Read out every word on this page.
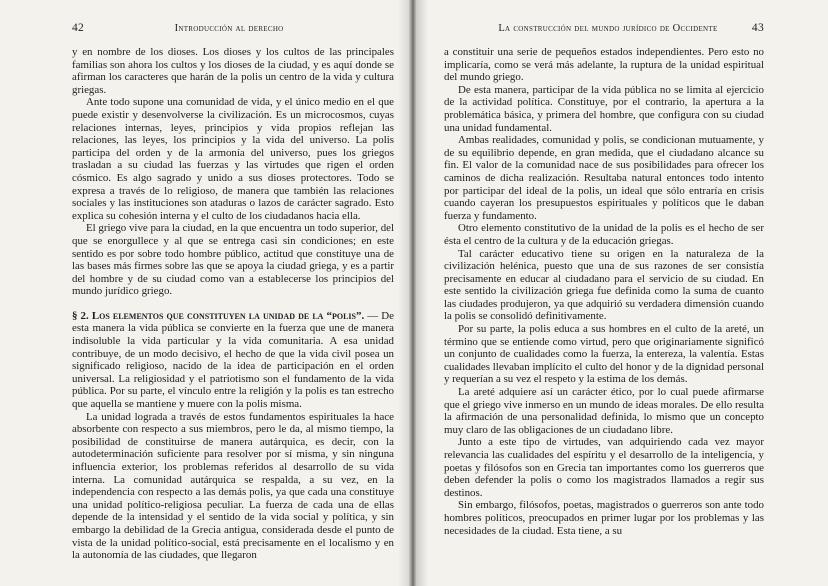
42	Introducción al derecho

y en nombre de los dioses. Los dioses y los cultos de las principales familias son ahora los cultos y los dioses de la ciudad, y es aquí donde se afirman los caracteres que harán de la polis un centro de la vida y cultura griegas.

Ante todo supone una comunidad de vida, y el único medio en el que puede existir y desenvolverse la civilización. Es un microcosmos, cuyas relaciones internas, leyes, principios y vida propios reflejan las relaciones, las leyes, los principios y la vida del universo. La polis participa del orden y de la armonía del universo, pues los griegos trasladan a su ciudad las fuerzas y las virtudes que rigen el orden cósmico. Es algo sagrado y unido a sus dioses protectores. Todo se expresa a través de lo religioso, de manera que también las relaciones sociales y las instituciones son ataduras o lazos de carácter sagrado. Esto explica su cohesión interna y el culto de los ciudadanos hacia ella.

El griego vive para la ciudad, en la que encuentra un todo superior, del que se enorgullece y al que se entrega casi sin condiciones; en este sentido es por sobre todo hombre público, actitud que constituye una de las bases más firmes sobre las que se apoya la ciudad griega, y es a partir del hombre y de su ciudad como van a establecerse los principios del mundo jurídico griego.

§ 2. Los elementos que constituyen la unidad de la “polis”. — De esta manera la vida pública se convierte en la fuerza que une de manera indisoluble la vida particular y la vida comunitaria. A esa unidad contribuye, de un modo decisivo, el hecho de que la vida civil posea un significado religioso, nacido de la idea de participación en el orden universal. La religiosidad y el patriotismo son el fundamento de la vida pública. Por su parte, el vínculo entre la religión y la polis es tan estrecho que aquella se mantiene y muere con la polis misma.

La unidad lograda a través de estos fundamentos espirituales la hace absorbente con respecto a sus miembros, pero le da, al mismo tiempo, la posibilidad de constituirse de manera autárquica, es decir, con la autodeterminación suficiente para resolver por sí misma, y sin ninguna influencia exterior, los problemas referidos al desarrollo de su vida interna. La comunidad autárquica se respalda, a su vez, en la independencia con respecto a las demás polis, ya que cada una constituye una unidad político-religiosa peculiar. La fuerza de cada una de ellas depende de la intensidad y el sentido de la vida social y política, y sin embargo la debilidad de la Grecia antigua, considerada desde el punto de vista de la unidad político-social, está precisamente en el localismo y en la autonomía de las ciudades, que llegaron

La construcción del mundo jurídico de Occidente	43

a constituir una serie de pequeños estados independientes. Pero esto no implicaría, como se verá más adelante, la ruptura de la unidad espiritual del mundo griego.

De esta manera, participar de la vida pública no se limita al ejercicio de la actividad política. Constituye, por el contrario, la apertura a la problemática básica, y primera del hombre, que configura con su ciudad una unidad fundamental.

Ambas realidades, comunidad y polis, se condicionan mutuamente, y de su equilibrio depende, en gran medida, que el ciudadano alcance su fin. El valor de la comunidad nace de sus posibilidades para ofrecer los caminos de dicha realización. Resultaba natural entonces todo intento por participar del ideal de la polis, un ideal que sólo entraría en crisis cuando cayeran los presupuestos espirituales y políticos que le daban fuerza y fundamento.

Otro elemento constitutivo de la unidad de la polis es el hecho de ser ésta el centro de la cultura y de la educación griegas.

Tal carácter educativo tiene su origen en la naturaleza de la civilización helénica, puesto que una de sus razones de ser consistía precisamente en educar al ciudadano para el servicio de su ciudad. En este sentido la civilización griega fue definida como la suma de cuanto las ciudades produjeron, ya que adquirió su verdadera dimensión cuando la polis se consolidó definitivamente.

Por su parte, la polis educa a sus hombres en el culto de la areté, un término que se entiende como virtud, pero que originariamente significó un conjunto de cualidades como la fuerza, la entereza, la valentía. Estas cualidades llevaban implícito el culto del honor y de la dignidad personal y requerían a su vez el respeto y la estima de los demás.

La areté adquiere así un carácter ético, por lo cual puede afirmarse que el griego vive inmerso en un mundo de ideas morales. De ello resulta la afirmación de una personalidad definida, lo mismo que un concepto muy claro de las obligaciones de un ciudadano libre.

Junto a este tipo de virtudes, van adquiriendo cada vez mayor relevancia las cualidades del espíritu y el desarrollo de la inteligencia, y poetas y filósofos son en Grecia tan importantes como los guerreros que deben defender la polis o como los magistrados llamados a regir sus destinos.

Sin embargo, filósofos, poetas, magistrados o guerreros son ante todo hombres políticos, preocupados en primer lugar por los problemas y las necesidades de la ciudad. Esta tiene, a su
